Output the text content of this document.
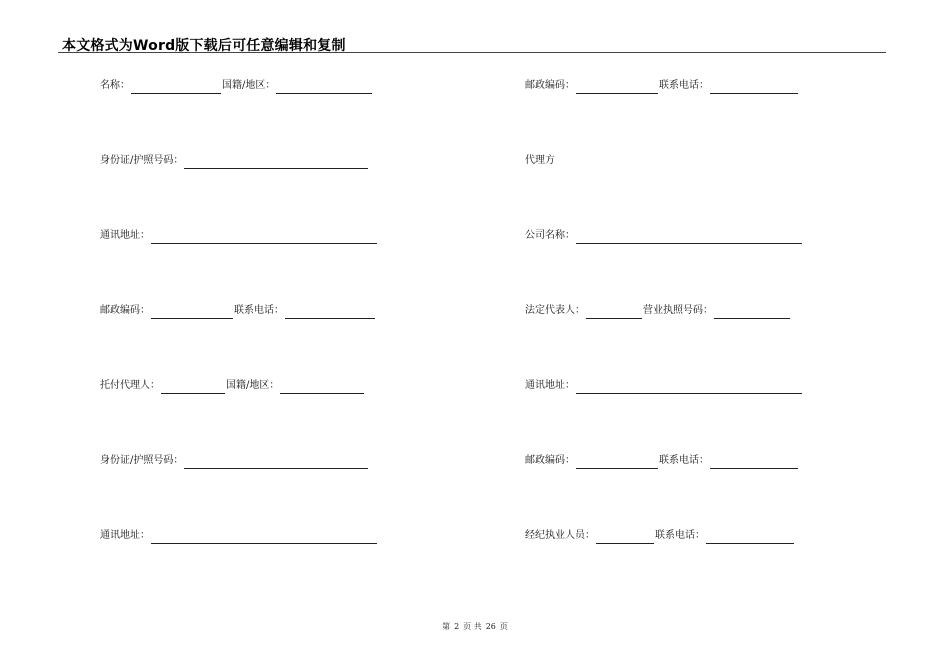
本文格式为Word版下载后可任意编辑和复制
名称：	国籍/地区：
身份证/护照号码：
通讯地址：
邮政编码：	联系电话：
托付代理人：	国籍/地区：
身份证/护照号码：
通讯地址：
邮政编码：	联系电话：
代理方
公司名称：
法定代表人：	营业执照号码：
通讯地址：
邮政编码：	联系电话：
经纪执业人员：	联系电话：
第 2 页 共 26 页
